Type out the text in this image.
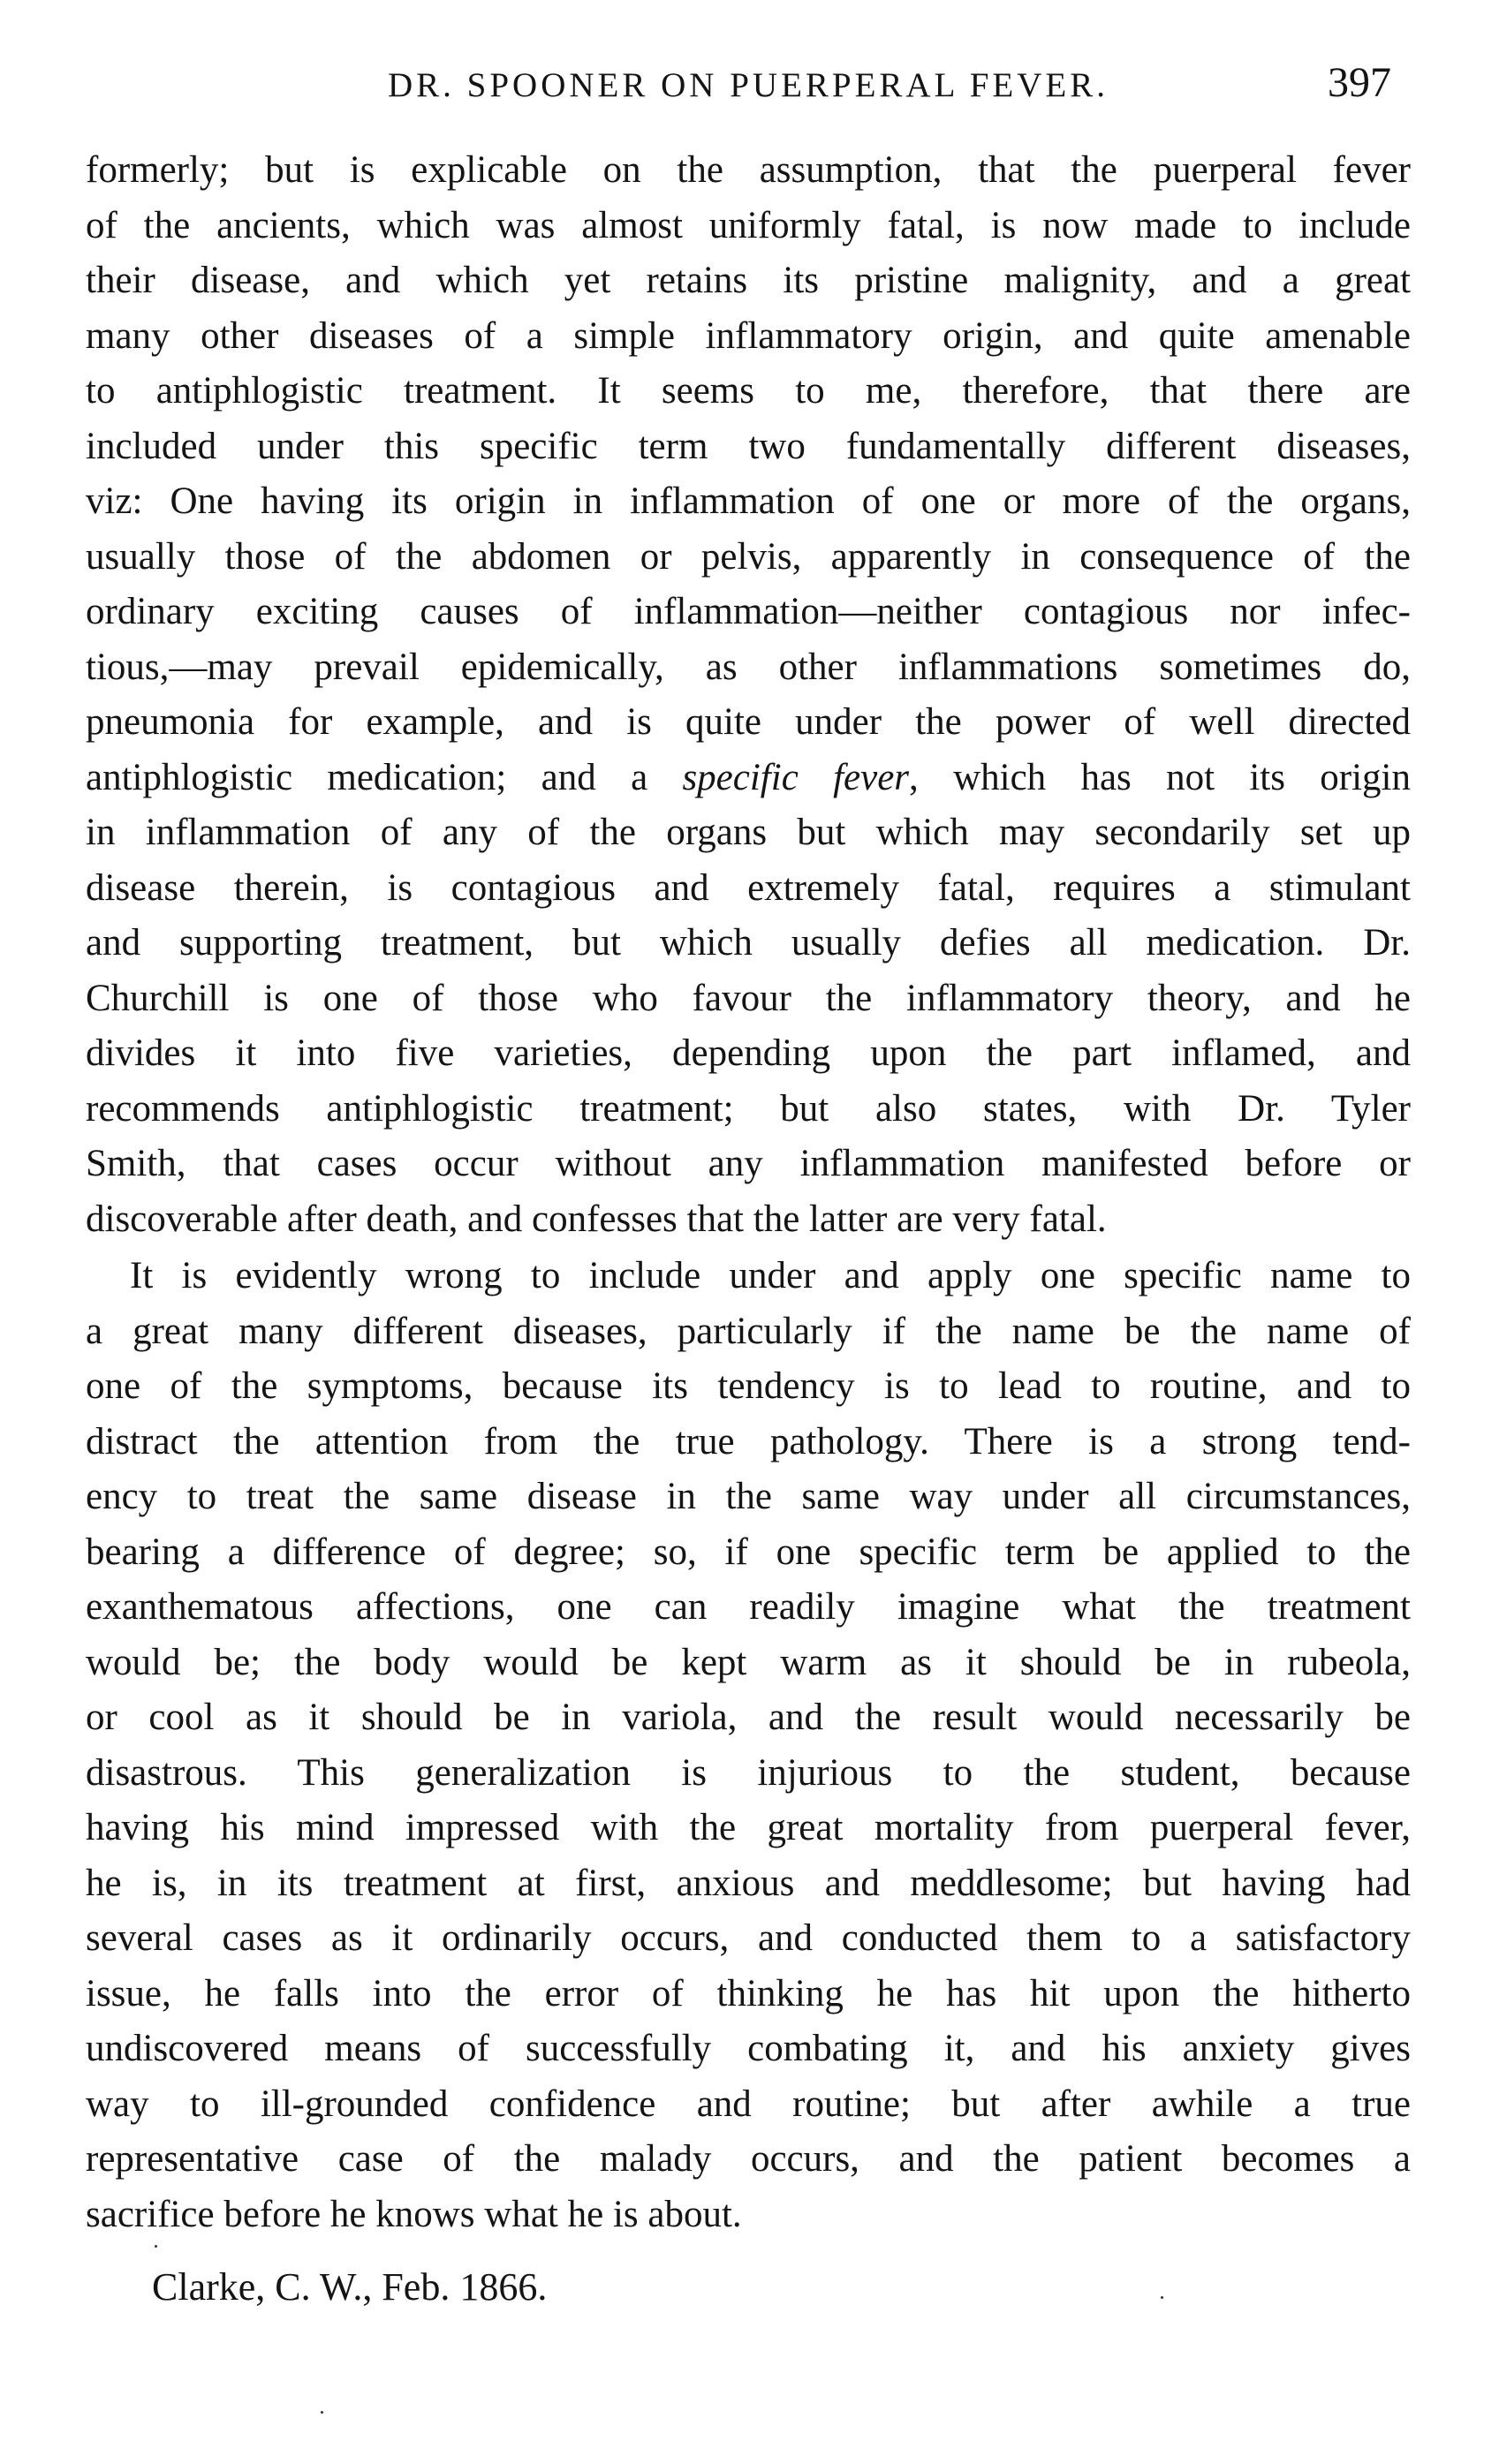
DR. SPOONER ON PUERPERAL FEVER.	397
formerly; but is explicable on the assumption, that the puerperal fever
of the ancients, which was almost uniformly fatal, is now made to include
their disease, and which yet retains its pristine malignity, and a great
many other diseases of a simple inflammatory origin, and quite amenable
to antiphlogistic treatment. It seems to me, therefore, that there are
included under this specific term two fundamentally different diseases,
viz: One having its origin in inflammation of one or more of the organs,
usually those of the abdomen or pelvis, apparently in consequence of the
ordinary exciting causes of inflammation—neither contagious nor infec-
tious,—may prevail epidemically, as other inflammations sometimes do,
pneumonia for example, and is quite under the power of well directed
antiphlogistic medication; and a specific fever, which has not its origin
in inflammation of any of the organs but which may secondarily set up
disease therein, is contagious and extremely fatal, requires a stimulant
and supporting treatment, but which usually defies all medication. Dr.
Churchill is one of those who favour the inflammatory theory, and he
divides it into five varieties, depending upon the part inflamed, and
recommends antiphlogistic treatment; but also states, with Dr. Tyler
Smith, that cases occur without any inflammation manifested before or
discoverable after death, and confesses that the latter are very fatal.
It is evidently wrong to include under and apply one specific name to
a great many different diseases, particularly if the name be the name of
one of the symptoms, because its tendency is to lead to routine, and to
distract the attention from the true pathology. There is a strong tend-
ency to treat the same disease in the same way under all circumstances,
bearing a difference of degree; so, if one specific term be applied to the
exanthematous affections, one can readily imagine what the treatment
would be; the body would be kept warm as it should be in rubeola,
or cool as it should be in variola, and the result would necessarily be
disastrous. This generalization is injurious to the student, because
having his mind impressed with the great mortality from puerperal fever,
he is, in its treatment at first, anxious and meddlesome; but having had
several cases as it ordinarily occurs, and conducted them to a satisfactory
issue, he falls into the error of thinking he has hit upon the hitherto
undiscovered means of successfully combating it, and his anxiety gives
way to ill-grounded confidence and routine; but after awhile a true
representative case of the malady occurs, and the patient becomes a
sacrifice before he knows what he is about.
Clarke, C. W., Feb. 1866.
